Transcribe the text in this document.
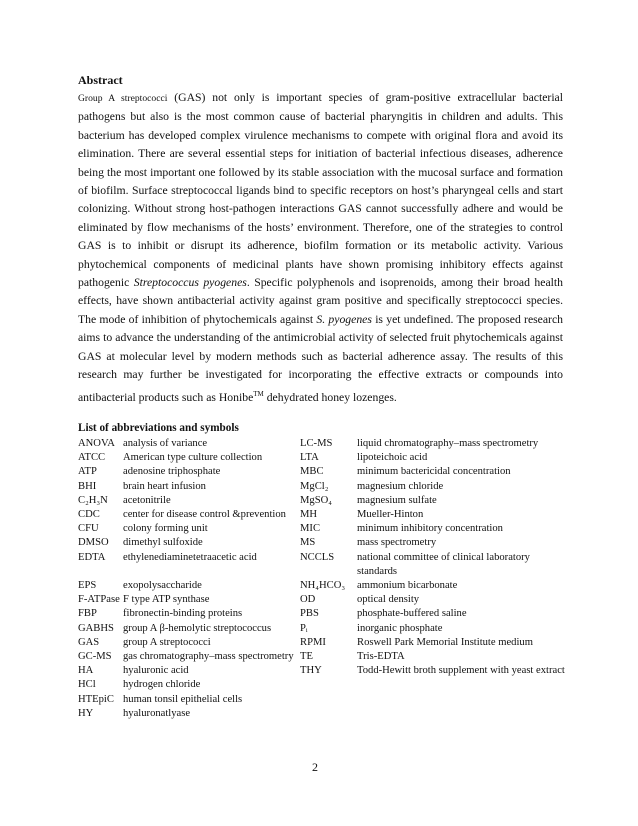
Abstract
Group A streptococci (GAS) not only is important species of gram-positive extracellular bacterial pathogens but also is the most common cause of bacterial pharyngitis in children and adults. This bacterium has developed complex virulence mechanisms to compete with original flora and avoid its elimination. There are several essential steps for initiation of bacterial infectious diseases, adherence being the most important one followed by its stable association with the mucosal surface and formation of biofilm. Surface streptococcal ligands bind to specific receptors on host’s pharyngeal cells and start colonizing. Without strong host-pathogen interactions GAS cannot successfully adhere and would be eliminated by flow mechanisms of the hosts’ environment. Therefore, one of the strategies to control GAS is to inhibit or disrupt its adherence, biofilm formation or its metabolic activity. Various phytochemical components of medicinal plants have shown promising inhibitory effects against pathogenic Streptococcus pyogenes. Specific polyphenols and isoprenoids, among their broad health effects, have shown antibacterial activity against gram positive and specifically streptococci species. The mode of inhibition of phytochemicals against S. pyogenes is yet undefined. The proposed research aims to advance the understanding of the antimicrobial activity of selected fruit phytochemicals against GAS at molecular level by modern methods such as bacterial adherence assay. The results of this research may further be investigated for incorporating the effective extracts or compounds into antibacterial products such as Honibe™ dehydrated honey lozenges.
List of abbreviations and symbols
ANOVA	analysis of variance	LC-MS	liquid chromatography–mass spectrometry
ATCC	American type culture collection	LTA	lipoteichoic acid
ATP	adenosine triphosphate	MBC	minimum bactericidal concentration
BHI	brain heart infusion	MgCl₂	magnesium chloride
C₂H₃N	acetonitrile	MgSO₄	magnesium sulfate
CDC	center for disease control &prevention	MH	Mueller-Hinton
CFU	colony forming unit	MIC	minimum inhibitory concentration
DMSO	dimethyl sulfoxide	MS	mass spectrometry
EDTA	ethylenediaminetetraacetic acid	NCCLS	national committee of clinical laboratory standards
EPS	exopolysaccharide	NH₄HCO₃	ammonium bicarbonate
F-ATPase	F type ATP synthase	OD	optical density
FBP	fibronectin-binding proteins	PBS	phosphate-buffered saline
GABHS	group A β-hemolytic streptococcus	Pᵢ	inorganic phosphate
GAS	group A streptococci	RPMI	Roswell Park Memorial Institute medium
GC-MS	gas chromatography–mass spectrometry	TE	Tris-EDTA
HA	hyaluronic acid	THY	Todd-Hewitt broth supplement with yeast extract
HCl	hydrogen chloride		
HTEpiC	human tonsil epithelial cells		
HY	hyaluronatlyase		
2
